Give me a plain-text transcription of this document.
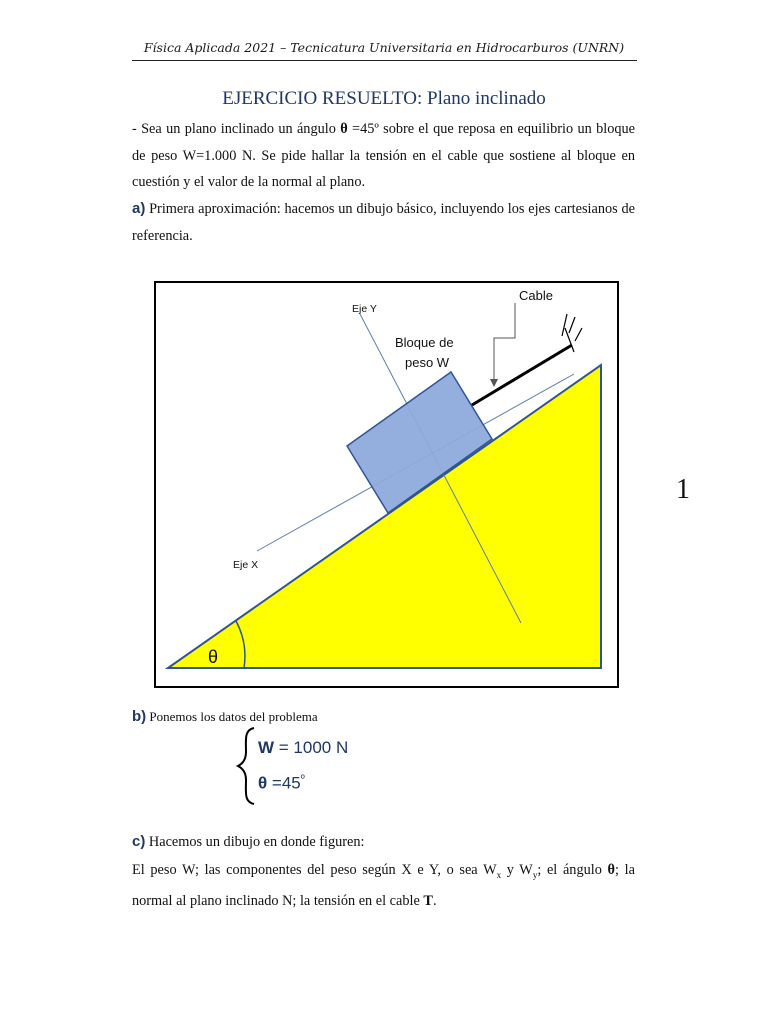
Física Aplicada 2021 – Tecnicatura Universitaria en Hidrocarburos (UNRN)
EJERCICIO RESUELTO: Plano inclinado
- Sea un plano inclinado un ángulo θ =45º sobre el que reposa en equilibrio un bloque de peso W=1.000 N. Se pide hallar la tensión en el cable que sostiene al bloque en cuestión y el valor de la normal al plano.
a) Primera aproximación: hacemos un dibujo básico, incluyendo los ejes cartesianos de referencia.
θ
Eje Y
Eje X
Cable
Bloque de
peso W
1
b) Ponemos los datos del problema
W = 1000 N
$\theta =45^º$
c) Hacemos un dibujo en donde figuren:
El peso W; las componentes del peso según X e Y, o sea $W_x$ y $W_y$; el ángulo θ; la normal al plano inclinado N; la tensión en el cable T.
